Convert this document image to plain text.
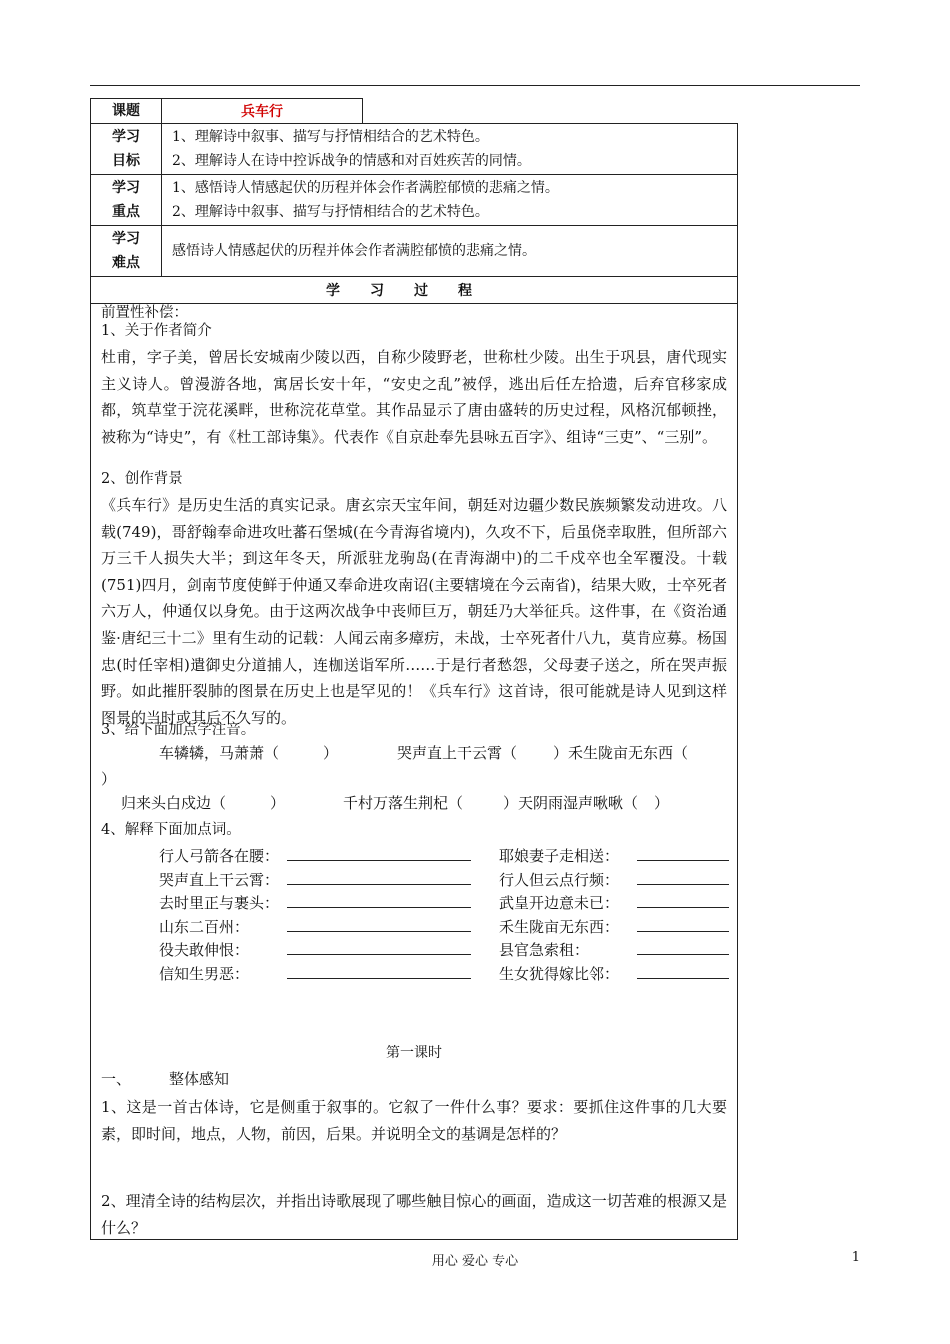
课题	兵车行	
学习
目标	1、理解诗中叙事、描写与抒情相结合的艺术特色。
2、理解诗人在诗中控诉战争的情感和对百姓疾苦的同情。	
学习
重点	1、感悟诗人情感起伏的历程并体会作者满腔郁愤的悲痛之情。
2、理解诗中叙事、描写与抒情相结合的艺术特色。	
学习
难点	感悟诗人情感起伏的历程并体会作者满腔郁愤的悲痛之情。	
学习过程		
前置性补偿：
1、关于作者简介
杜甫，字子美，曾居长安城南少陵以西，自称少陵野老，世称杜少陵。出生于巩县，唐代现实主义诗人。曾漫游各地，寓居长安十年，“安史之乱”被俘，逃出后任左拾遗，后弃官移家成都，筑草堂于浣花溪畔，世称浣花草堂。其作品显示了唐由盛转的历史过程，风格沉郁顿挫，被称为“诗史”，有《杜工部诗集》。代表作《自京赴奉先县咏五百字》、组诗“三吏”、“三别”。
2、创作背景
《兵车行》是历史生活的真实记录。唐玄宗天宝年间，朝廷对边疆少数民族频繁发动进攻。八载(749)，哥舒翰奉命进攻吐蕃石堡城(在今青海省境内)，久攻不下，后虽侥幸取胜，但所部六万三千人损失大半；到这年冬天，所派驻龙驹岛(在青海湖中)的二千戍卒也全军覆没。十载(751)四月，剑南节度使鲜于仲通又奉命进攻南诏(主要辖境在今云南省)，结果大败，士卒死者六万人，仲通仅以身免。由于这两次战争中丧师巨万，朝廷乃大举征兵。这件事，在《资治通鉴·唐纪三十二》里有生动的记载：人闻云南多瘴疠，未战，士卒死者什八九，莫肯应募。杨国忠(时任宰相)遣御史分道捕人，连枷送诣军所……于是行者愁怨，父母妻子送之，所在哭声振野。如此摧肝裂肺的图景在历史上也是罕见的！《兵车行》这首诗，很可能就是诗人见到这样图景的当时或其后不久写的。
3、给下面加点字注音。
车辚辚，马萧萧（	）	哭声直上干云霄（ ）禾生陇亩无东西（
）
归来头白戍边（	）	千村万落生荆杞（	）天阴雨湿声啾啾（ ）
4、解释下面加点词。
行人弓箭各在腰：	耶娘妻子走相送：
哭声直上干云霄：	行人但云点行频：
去时里正与裹头：	武皇开边意未已：
山东二百州：	禾生陇亩无东西：
役夫敢伸恨：	县官急索租：
信知生男恶：	生女犹得嫁比邻：
第一课时
一、	整体感知
1、这是一首古体诗，它是侧重于叙事的。它叙了一件什么事？要求：要抓住这件事的几大要素，即时间，地点，人物，前因，后果。并说明全文的基调是怎样的？
2、理清全诗的结构层次，并指出诗歌展现了哪些触目惊心的画面，造成这一切苦难的根源又是什么？
用心 爱心 专心	1
